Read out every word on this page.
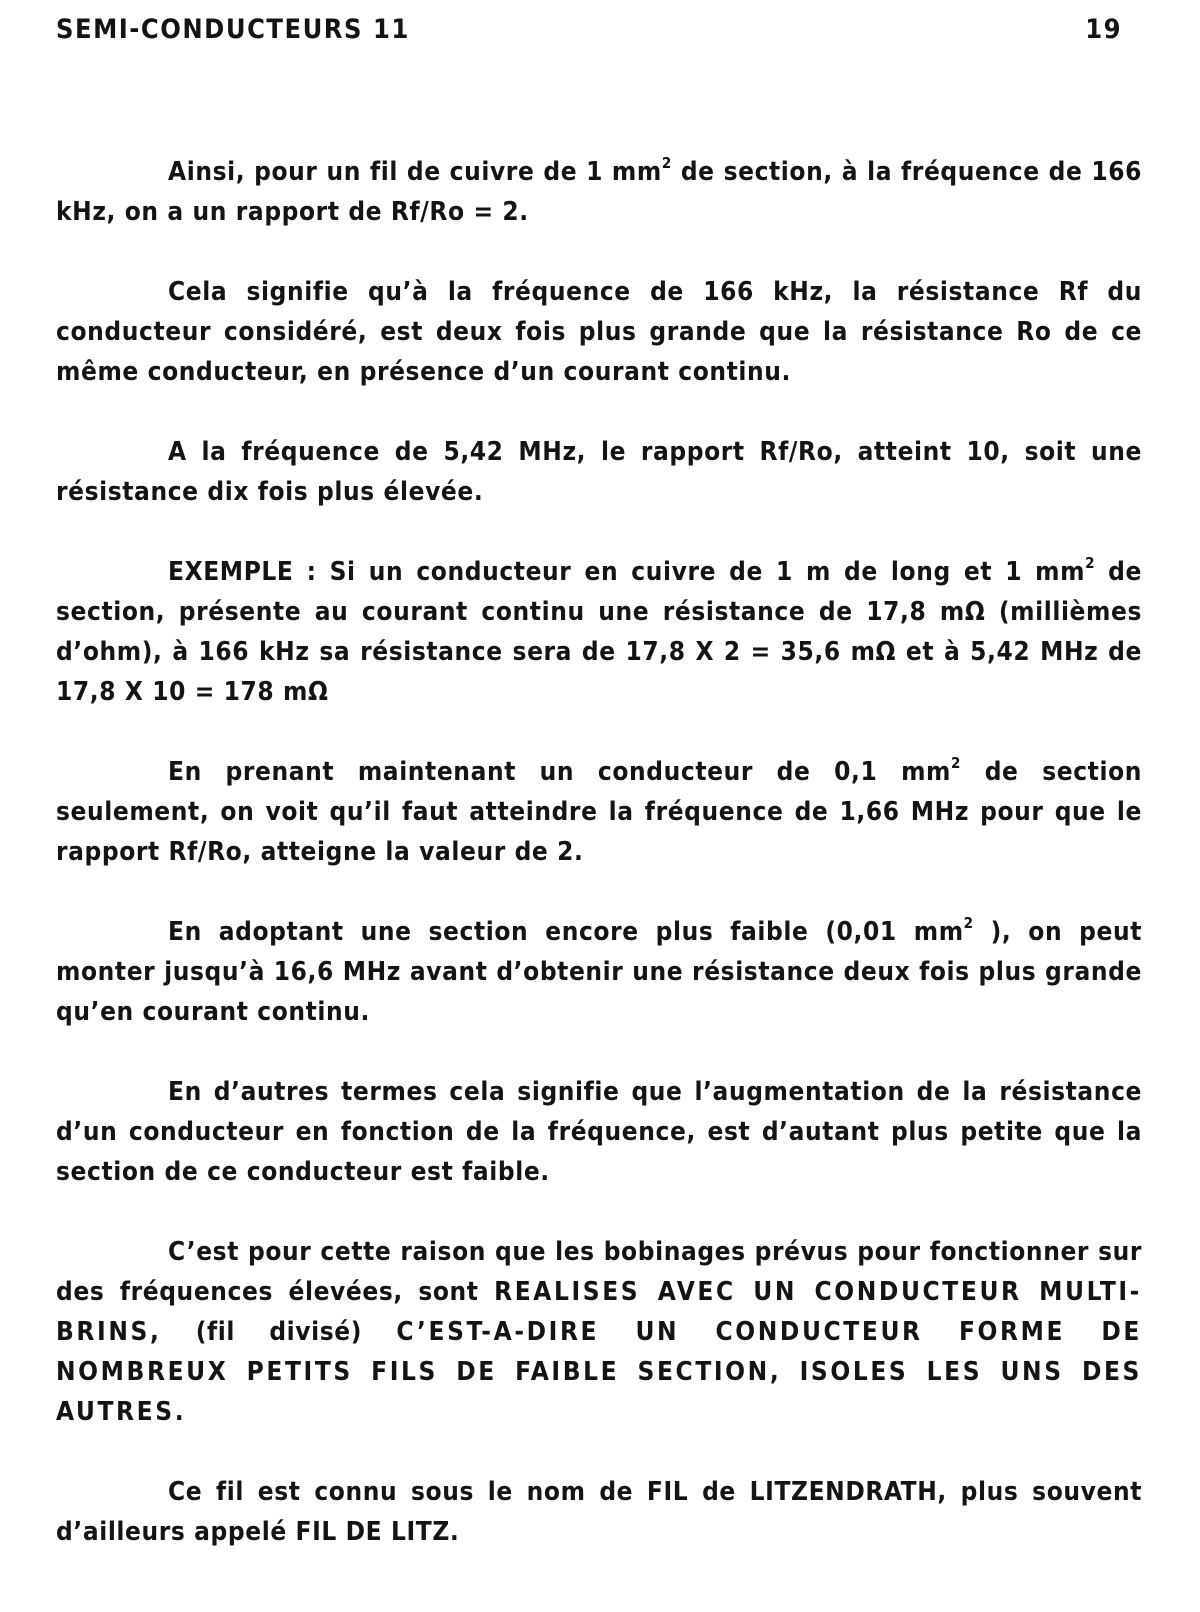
SEMI-CONDUCTEURS 11	19

Ainsi, pour un fil de cuivre de 1 $mm^2$ de section, à la fréquence de 166 kHz, on a un rapport de Rf/Ro = 2.

Cela signifie qu’à la fréquence de 166 kHz, la résistance Rf du conducteur considéré, est deux fois plus grande que la résistance Ro de ce même conducteur, en présence d’un courant continu.

A la fréquence de 5,42 MHz, le rapport Rf/Ro, atteint 10, soit une résistance dix fois plus élevée.

EXEMPLE : Si un conducteur en cuivre de 1 m de long et 1 $mm^2$ de section, présente au courant continu une résistance de 17,8 mΩ (millièmes d’ohm), à 166 kHz sa résistance sera de 17,8 X 2 = 35,6 mΩ et à 5,42 MHz de 17,8 X 10 = 178 mΩ

En prenant maintenant un conducteur de 0,1 $mm^2$ de section seulement, on voit qu’il faut atteindre la fréquence de 1,66 MHz pour que le rapport Rf/Ro, atteigne la valeur de 2.

En adoptant une section encore plus faible (0,01 $mm^2$ ), on peut monter jusqu’à 16,6 MHz avant d’obtenir une résistance deux fois plus grande qu’en courant continu.

En d’autres termes cela signifie que l’augmentation de la résistance d’un conducteur en fonction de la fréquence, est d’autant plus petite que la section de ce conducteur est faible.

C’est pour cette raison que les bobinages prévus pour fonctionner sur des fréquences élevées, sont REALISES AVEC UN CONDUCTEUR MULTI-BRINS, (fil divisé) C’EST-A-DIRE UN CONDUCTEUR FORME DE NOMBREUX PETITS FILS DE FAIBLE SECTION, ISOLES LES UNS DES AUTRES.

Ce fil est connu sous le nom de FIL de LITZENDRATH, plus souvent d’ailleurs appelé FIL DE LITZ.
